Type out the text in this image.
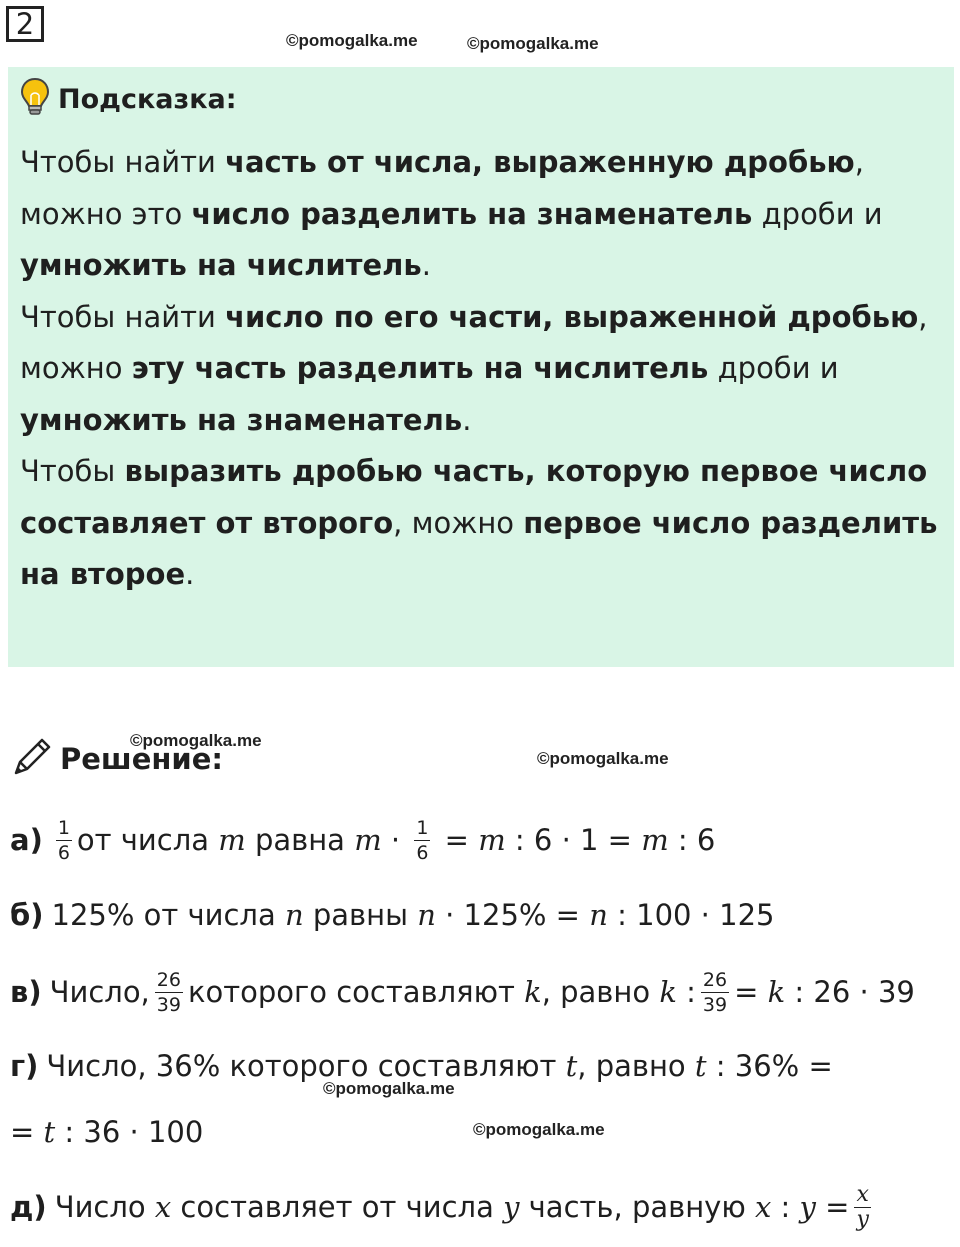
2	©pomogalka.me	©pomogalka.me
Подсказка:
Чтобы найти часть от числа, выраженную дробью, можно это число разделить на знаменатель дроби и умножить на числитель.
Чтобы найти число по его части, выраженной дробью, можно эту часть разделить на числитель дроби и умножить на знаменатель.
Чтобы выразить дробью часть, которую первое число составляет от второго, можно первое число разделить на второе.
©pomogalka.me
©pomogalka.me
Решение:
$а) \frac{1}{6}$ от числа
m
равна
$m \cdot \frac{1}{6} = m$ : 6 · 1 = m : 6
б) 125% от числа n равны n · 125% = n : 100 · 125
в) Число, $\frac{26}{39}$ которого составляют k , равно k : $\frac{26}{39} = k$ : 26 · 39
г) Число, 36% которого составляют t , равно t : 36% =
©pomogalka.me
= t : 36 · 100	©pomogalka.me
д) Число x составляет от числа y часть, равную x : $y = \frac{x}{y}$
